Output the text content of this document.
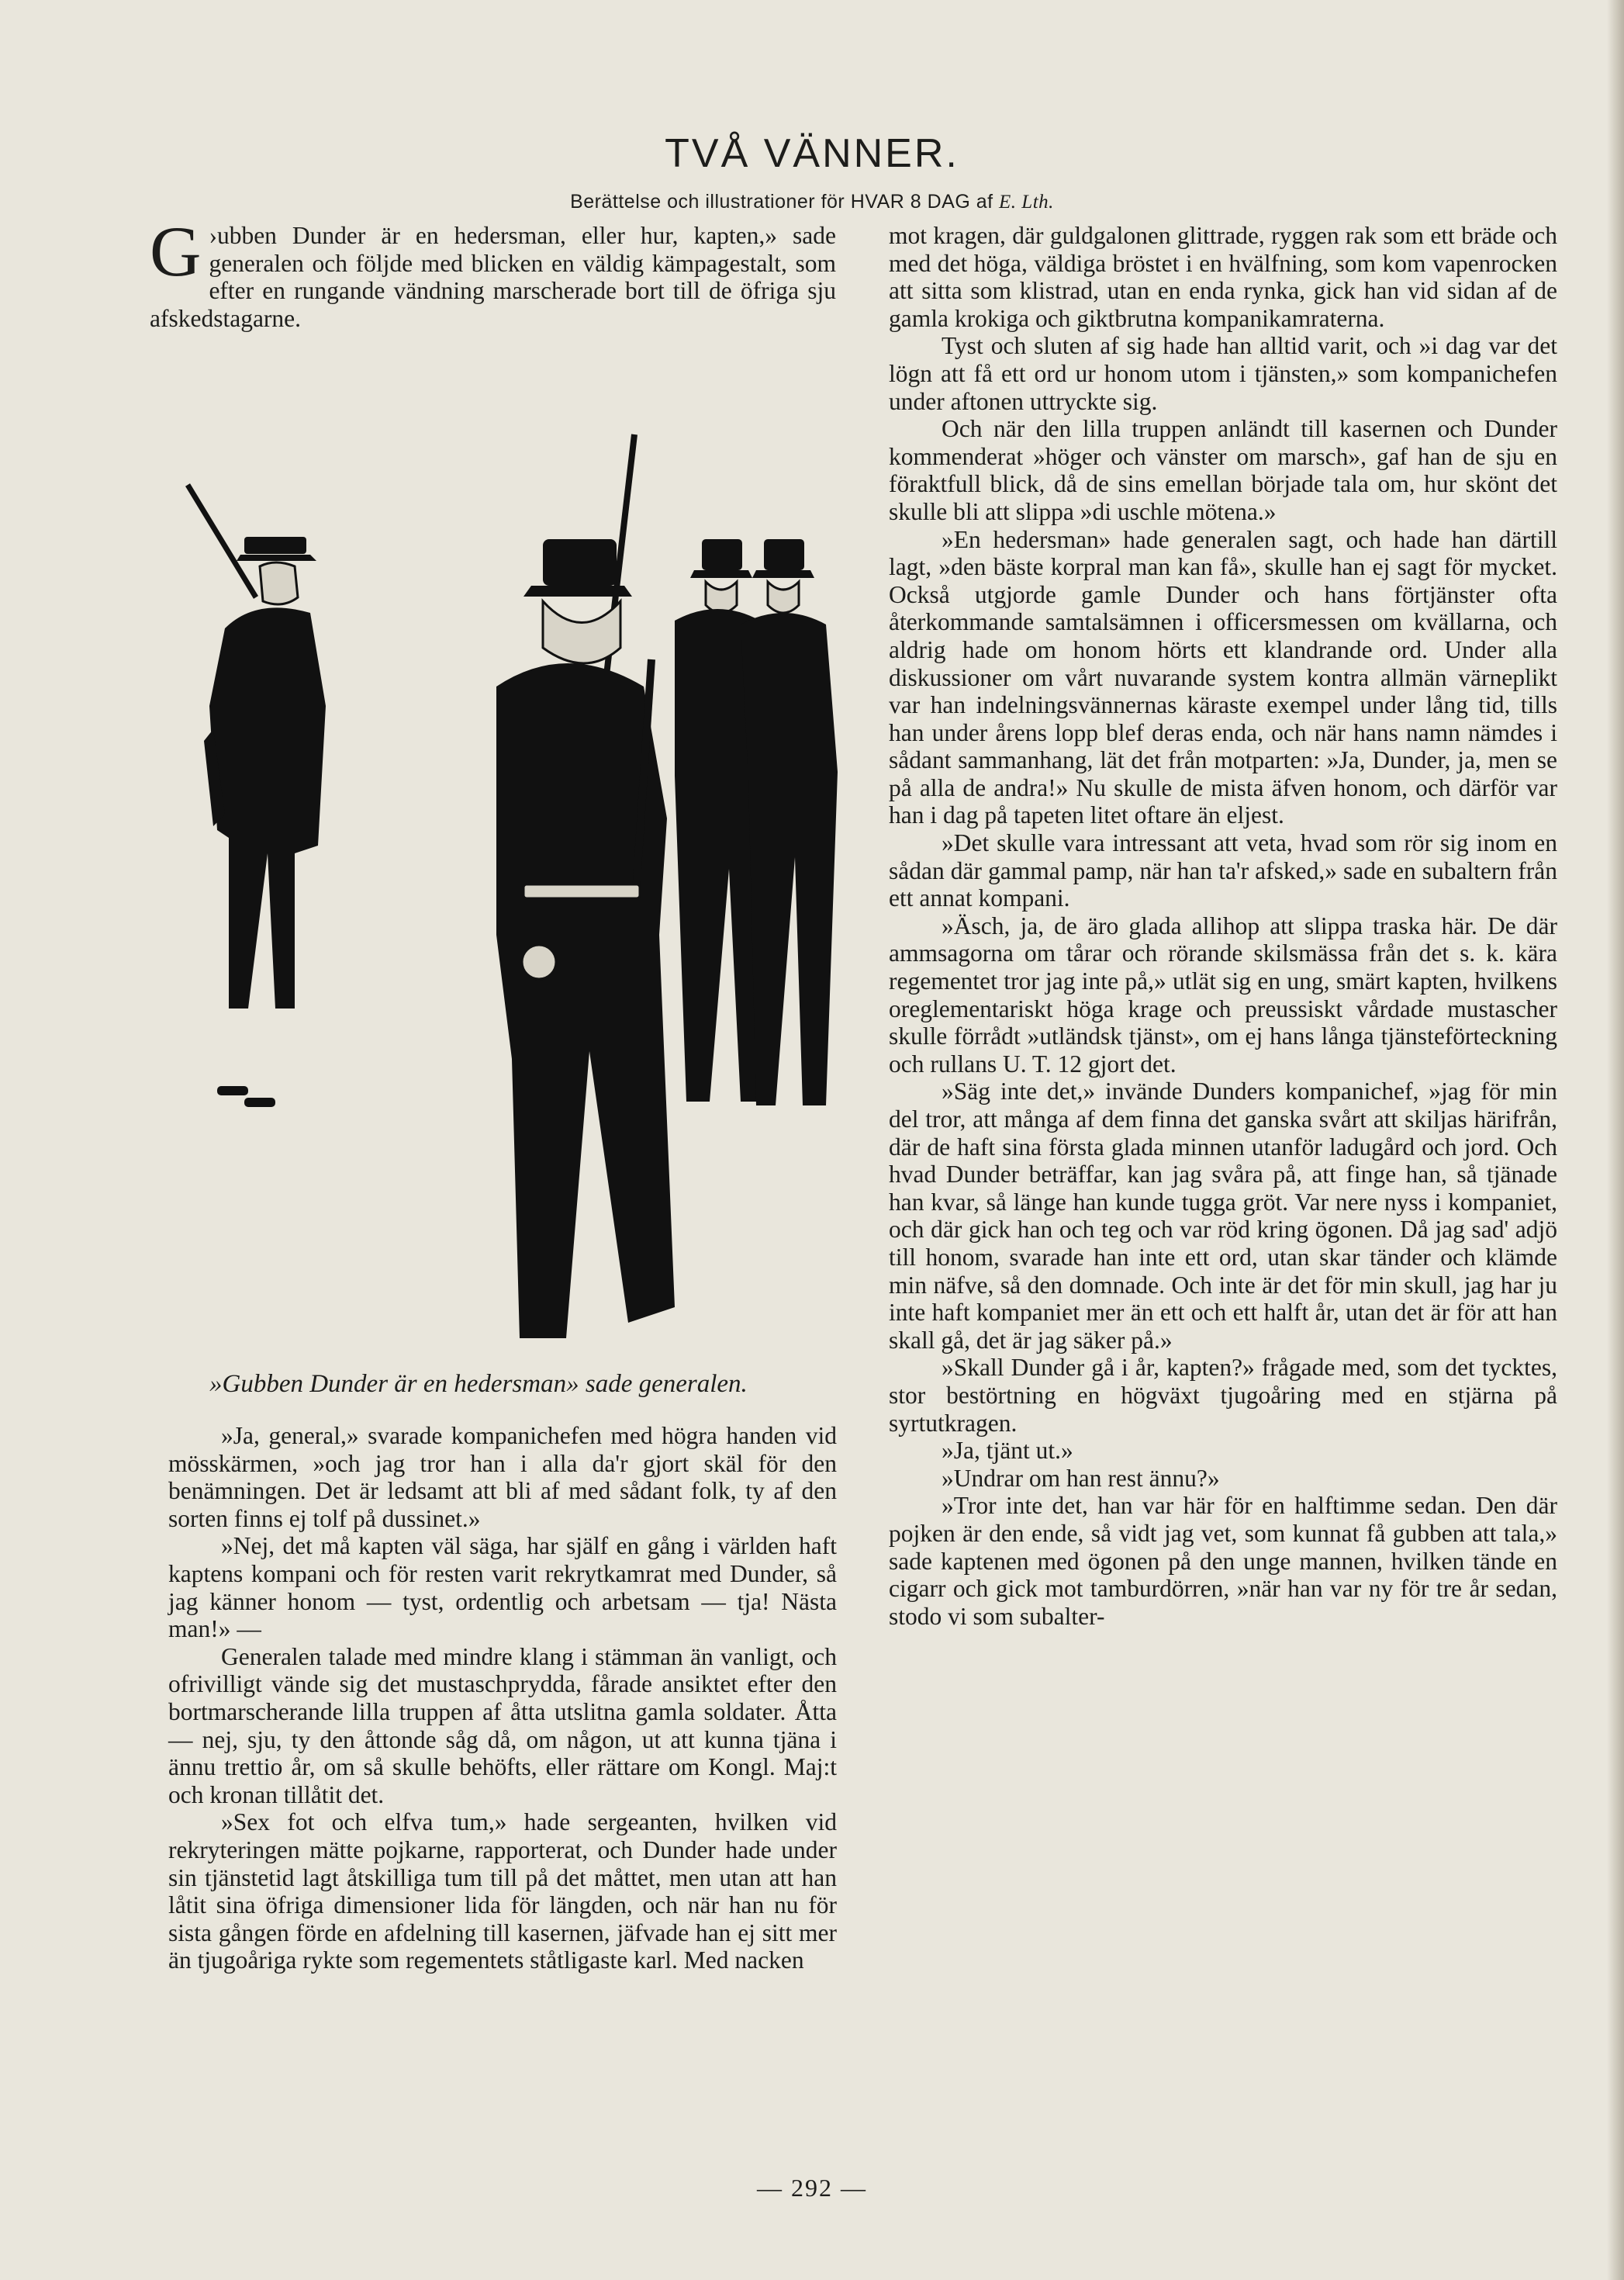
TVÅ VÄNNER.
Berättelse och illustrationer för HVAR 8 DAG af E. Lth.

›
G ubben Dunder är en hedersman, eller hur, kapten,» sade generalen och följde med blicken en väldig kämpagestalt, som efter en rungande vändning marscherade bort till de öfriga sju afskedstagarne.

»Gubben Dunder är en hedersman» sade generalen.

»Ja, general,» svarade kompanichefen med högra handen vid mösskärmen, »och jag tror han i alla da'r gjort skäl för den benämningen. Det är ledsamt att bli af med sådant folk, ty af den sorten finns ej tolf på dussinet.»

»Nej, det må kapten väl säga, har själf en gång i världen haft kaptens kompani och för resten varit rekrytkamrat med Dunder, så jag känner honom — tyst, ordentlig och arbetsam — tja! Nästa man!» —

Generalen talade med mindre klang i stämman än vanligt, och ofrivilligt vände sig det mustaschprydda, fårade ansiktet efter den bortmarscherande lilla truppen af åtta utslitna gamla soldater. Åtta — nej, sju, ty den åttonde såg då, om någon, ut att kunna tjäna i ännu trettio år, om så skulle behöfts, eller rättare om Kongl. Maj:t och kronan tillåtit det.

»Sex fot och elfva tum,» hade sergeanten, hvilken vid rekryteringen mätte pojkarne, rapporterat, och Dunder hade under sin tjänstetid lagt åtskilliga tum till på det måttet, men utan att han låtit sina öfriga dimensioner lida för längden, och när han nu för sista gången förde en afdelning till kasernen, jäfvade han ej sitt mer än tjugoåriga rykte som regementets ståtligaste karl. Med nacken

mot kragen, där guldgalonen glittrade, ryggen rak som ett bräde och med det höga, väldiga bröstet i en hvälfning, som kom vapenrocken att sitta som klistrad, utan en enda rynka, gick han vid sidan af de gamla krokiga och giktbrutna kompanikamraterna.

Tyst och sluten af sig hade han alltid varit, och »i dag var det lögn att få ett ord ur honom utom i tjänsten,» som kompanichefen under aftonen uttryckte sig.

Och när den lilla truppen anländt till kasernen och Dunder kommenderat »höger och vänster om marsch», gaf han de sju en föraktfull blick, då de sins emellan började tala om, hur skönt det skulle bli att slippa »di uschle mötena.»

»En hedersman» hade generalen sagt, och hade han därtill lagt, »den bäste korpral man kan få», skulle han ej sagt för mycket. Också utgjorde gamle Dunder och hans förtjänster ofta återkommande samtalsämnen i officersmessen om kvällarna, och aldrig hade om honom hörts ett klandrande ord. Under alla diskussioner om vårt nuvarande system kontra allmän värneplikt var han indelningsvännernas käraste exempel under lång tid, tills han under årens lopp blef deras enda, och när hans namn nämdes i sådant sammanhang, lät det från motparten: »Ja, Dunder, ja, men se på alla de andra!» Nu skulle de mista äfven honom, och därför var han i dag på tapeten litet oftare än eljest.

»Det skulle vara intressant att veta, hvad som rör sig inom en sådan där gammal pamp, när han ta'r afsked,» sade en subaltern från ett annat kompani.

»Äsch, ja, de äro glada allihop att slippa traska här. De där ammsagorna om tårar och rörande skilsmässa från det s. k. kära regementet tror jag inte på,» utlät sig en ung, smärt kapten, hvilkens oreglementariskt höga krage och preussiskt vårdade mustascher skulle förrådt »utländsk tjänst», om ej hans långa tjänsteförteckning och rullans U. T. 12 gjort det.

»Säg inte det,» invände Dunders kompanichef, »jag för min del tror, att många af dem finna det ganska svårt att skiljas härifrån, där de haft sina första glada minnen utanför ladugård och jord. Och hvad Dunder beträffar, kan jag svåra på, att finge han, så tjänade han kvar, så länge han kunde tugga gröt. Var nere nyss i kompaniet, och där gick han och teg och var röd kring ögonen. Då jag sad' adjö till honom, svarade han inte ett ord, utan skar tänder och klämde min näfve, så den domnade. Och inte är det för min skull, jag har ju inte haft kompaniet mer än ett och ett halft år, utan det är för att han skall gå, det är jag säker på.»

»Skall Dunder gå i år, kapten?» frågade med, som det tycktes, stor bestörtning en högväxt tjugoåring med en stjärna på syrtutkragen.

»Ja, tjänt ut.»

»Undrar om han rest ännu?»

»Tror inte det, han var här för en halftimme sedan. Den där pojken är den ende, så vidt jag vet, som kunnat få gubben att tala,» sade kaptenen med ögonen på den unge mannen, hvilken tände en cigarr och gick mot tamburdörren, »när han var ny för tre år sedan, stodo vi som subalter-

— 292 —
